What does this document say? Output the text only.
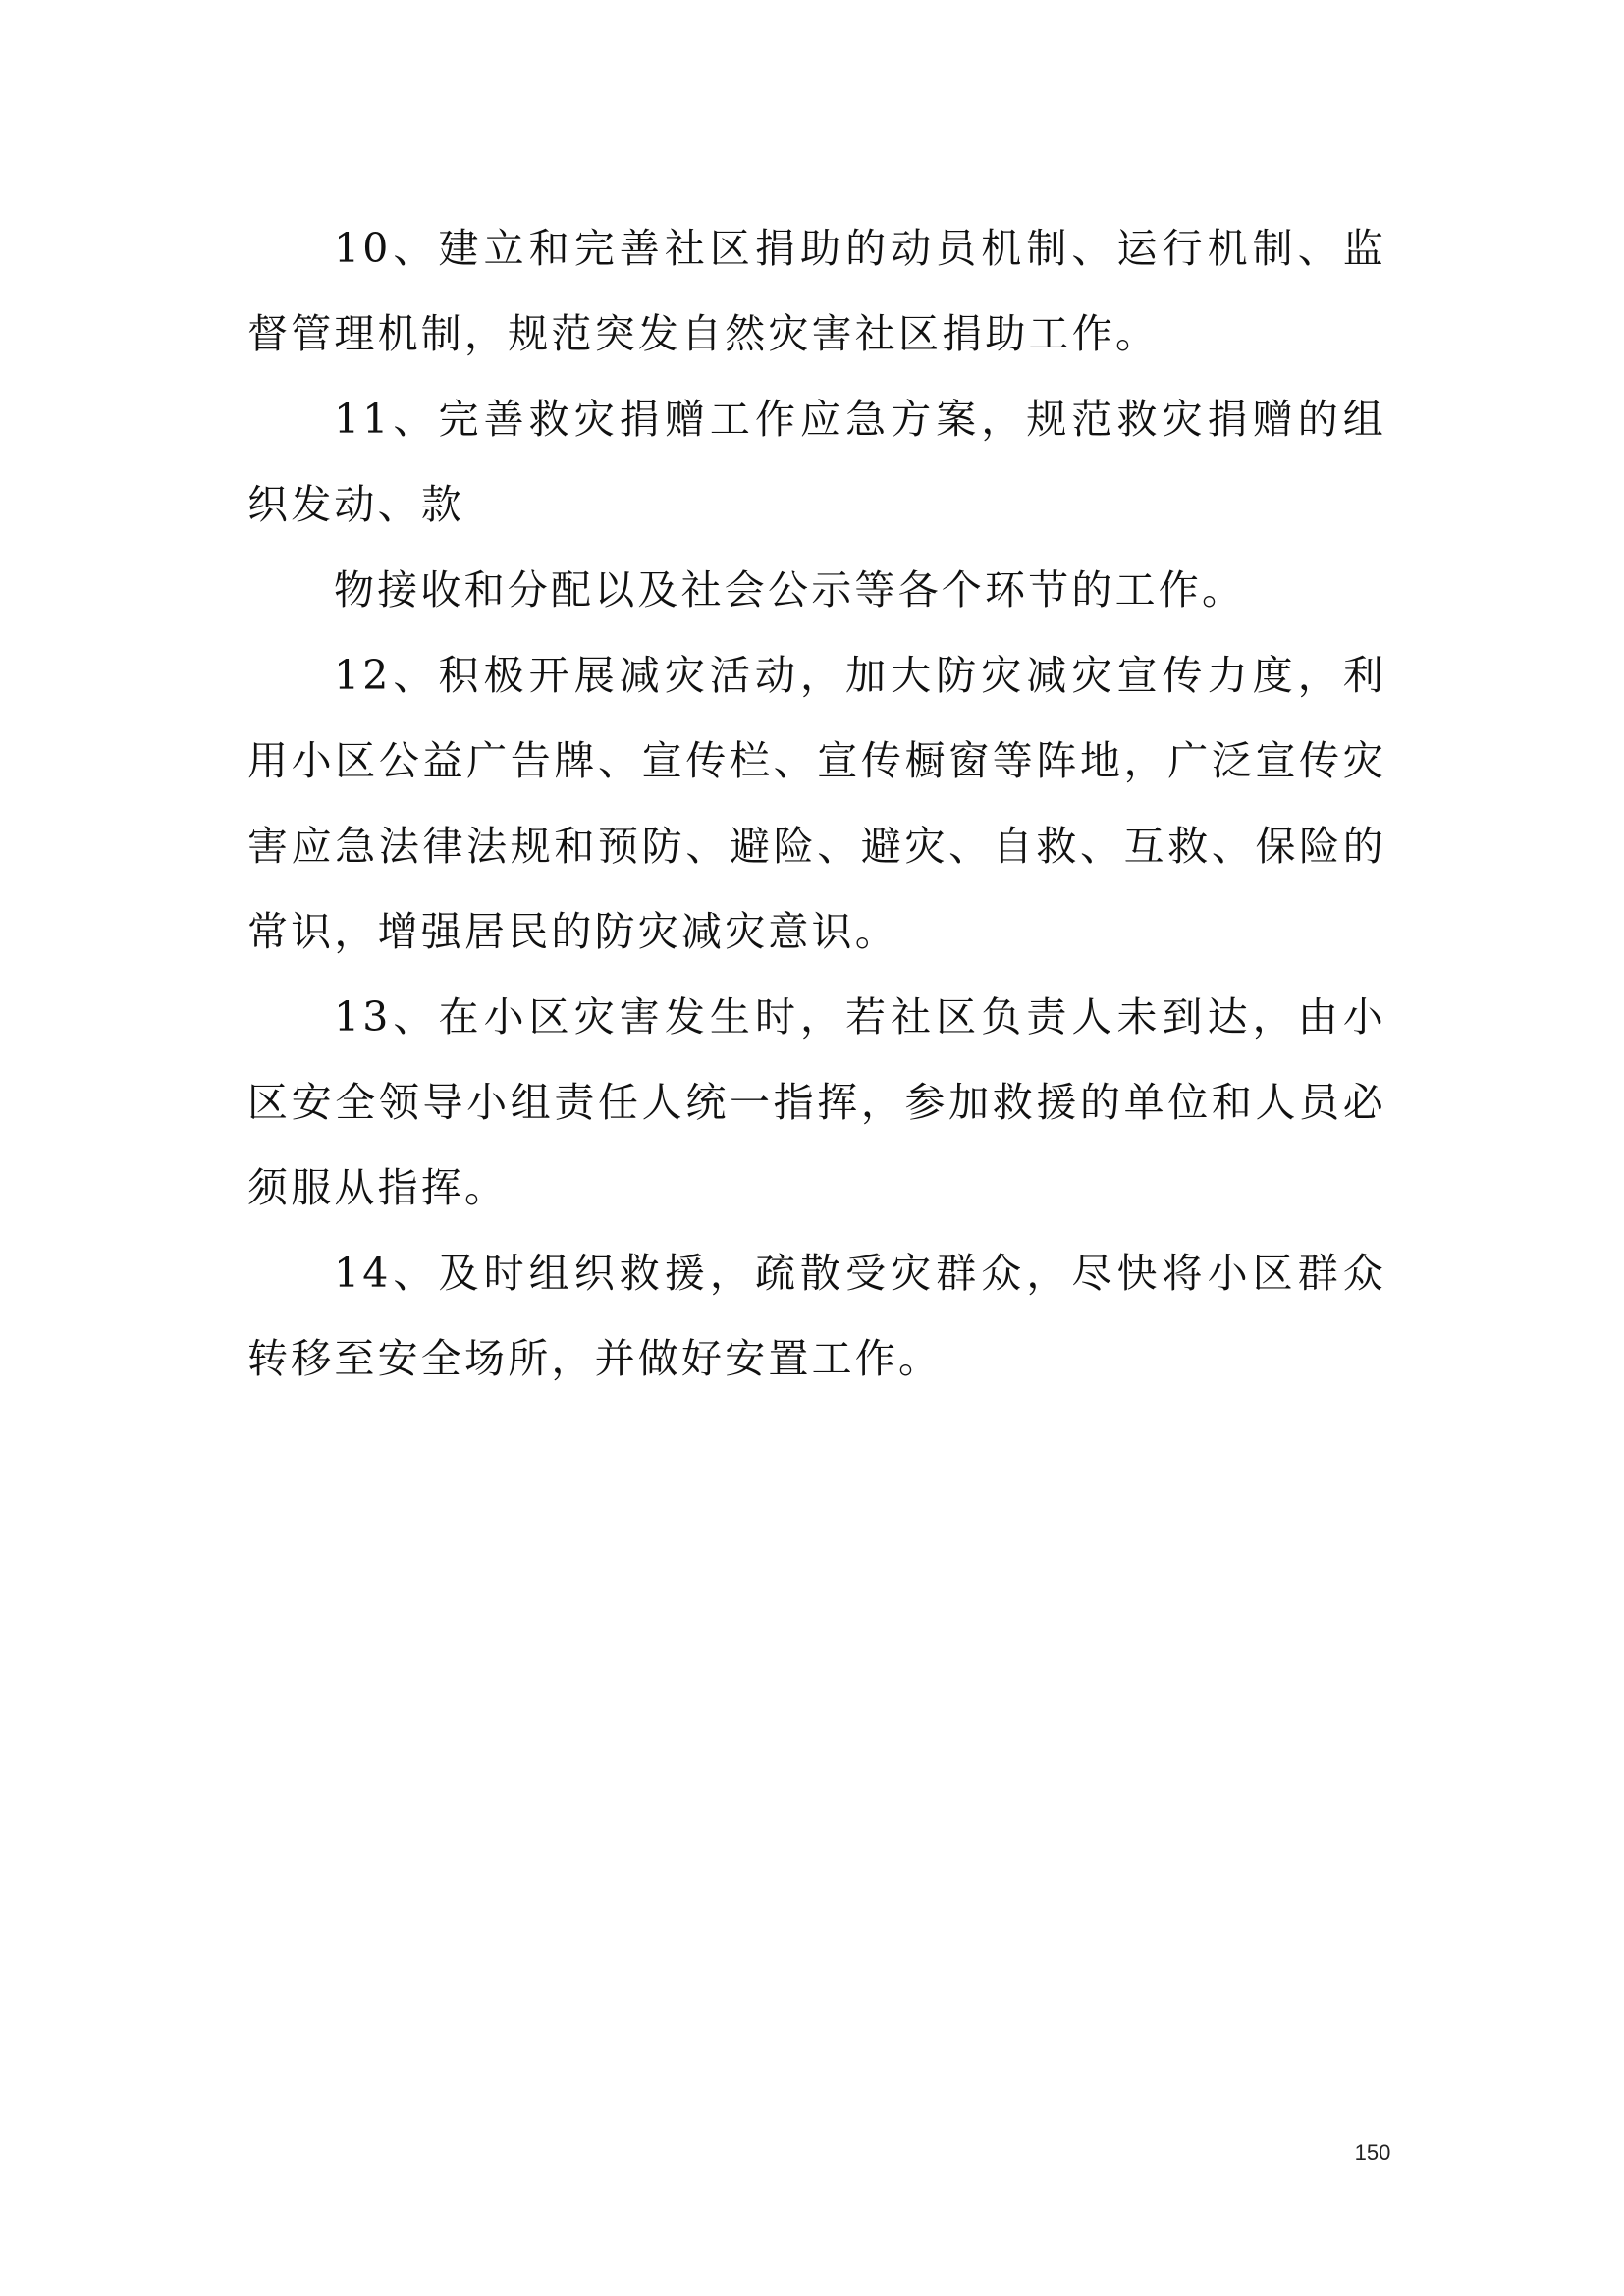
10、建立和完善社区捐助的动员机制、运行机制、监督管理机制，规范突发自然灾害社区捐助工作。

11、完善救灾捐赠工作应急方案，规范救灾捐赠的组织发动、款

物接收和分配以及社会公示等各个环节的工作。

12、积极开展减灾活动，加大防灾减灾宣传力度，利用小区公益广告牌、宣传栏、宣传橱窗等阵地，广泛宣传灾害应急法律法规和预防、避险、避灾、自救、互救、保险的常识，增强居民的防灾减灾意识。

13、在小区灾害发生时，若社区负责人未到达，由小区安全领导小组责任人统一指挥，参加救援的单位和人员必须服从指挥。

14、及时组织救援，疏散受灾群众，尽快将小区群众转移至安全场所，并做好安置工作。

150
